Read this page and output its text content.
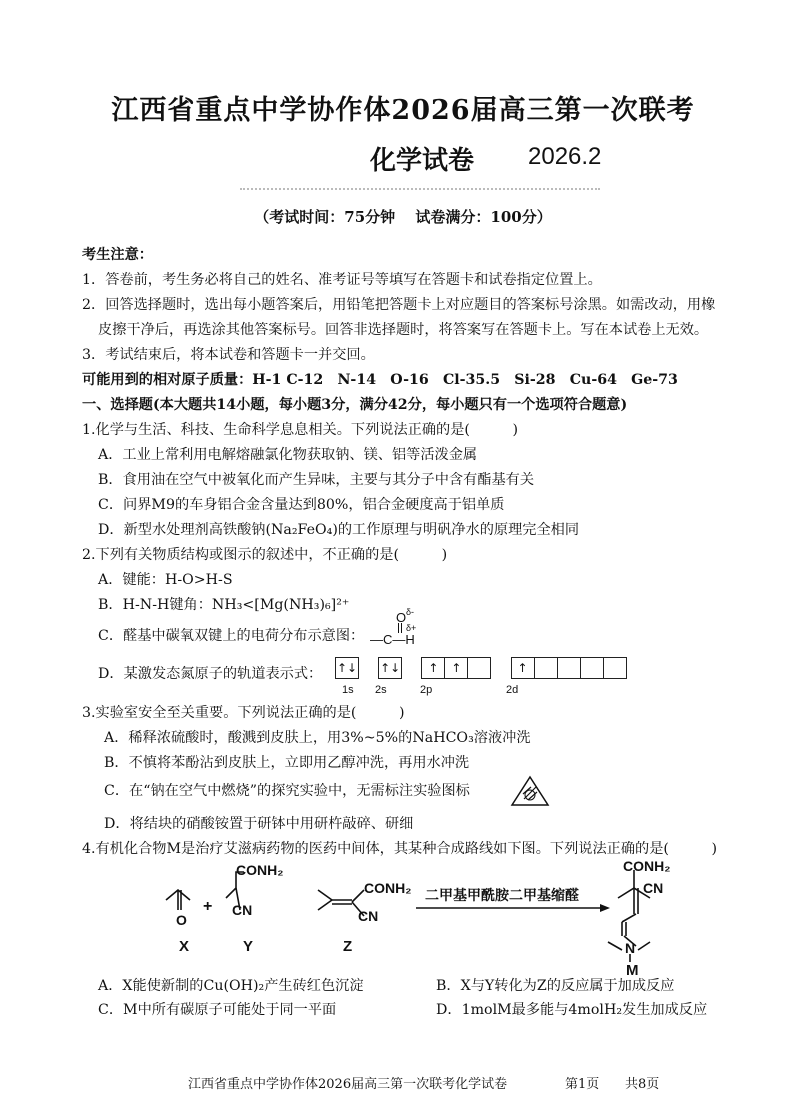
江西省重点中学协作体2026届高三第一次联考
化学试卷 2026.2
（考试时间：75分钟　 试卷满分：100分）
考生注意：
1．答卷前，考生务必将自己的姓名、准考证号等填写在答题卡和试卷指定位置上。
2．回答选择题时，选出每小题答案后，用铅笔把答题卡上对应题目的答案标号涂黑。如需改动，用橡
皮擦干净后，再选涂其他答案标号。回答非选择题时，将答案写在答题卡上。写在本试卷上无效。
3．考试结束后，将本试卷和答题卡一并交回。
可能用到的相对原子质量：H-1 C-12　N-14　O-16　Cl-35.5　Si-28　Cu-64　Ge-73
一、选择题(本大题共14小题，每小题3分，满分42分，每小题只有一个选项符合题意)
1.化学与生活、科技、生命科学息息相关。下列说法正确的是(　　　)
A．工业上常利用电解熔融氯化物获取钠、镁、铝等活泼金属
B．食用油在空气中被氧化而产生异味，主要与其分子中含有酯基有关
C．问界M9的车身铝合金含量达到80%，铝合金硬度高于铝单质
D．新型水处理剂高铁酸钠(Na₂FeO₄)的工作原理与明矾净水的原理完全相同
2.下列有关物质结构或图示的叙述中，不正确的是(　　　)
A．键能：H-O>H-S
B．H-N-H键角：NH₃<[Mg(NH₃)₆]²⁺
C．醛基中碳氧双键上的电荷分布示意图：
O δ-
δ+
—C—H
D．某激发态氮原子的轨道表示式： ↑↓ ↑↓ ↑ ↑	↑
1s 2s	2p	2d
3.实验室安全至关重要。下列说法正确的是(　　　)
A．稀释浓硫酸时，酸溅到皮肤上，用3%~5%的NaHCO₃溶液冲洗
B．不慎将苯酚沾到皮肤上，立即用乙醇冲洗，再用水冲洗
C．在“钠在空气中燃烧”的探究实验中，无需标注实验图标
D．将结块的硝酸铵置于研钵中用研杵敲碎、研细
4.有机化合物M是治疗艾滋病药物的医药中间体，其某种合成路线如下图。下列说法正确的是(　　　)
O
+
CONH₂
CN
CONH₂
CN
二甲基甲酰胺二甲基缩醛
CONH₂
CN
N
X	Y	Z
M
A．X能使新制的Cu(OH)₂产生砖红色沉淀	B．X与Y转化为Z的反应属于加成反应
C．M中所有碳原子可能处于同一平面	D．1molM最多能与4molH₂发生加成反应
江西省重点中学协作体2026届高三第一次联考化学试卷	第1页 共8页
